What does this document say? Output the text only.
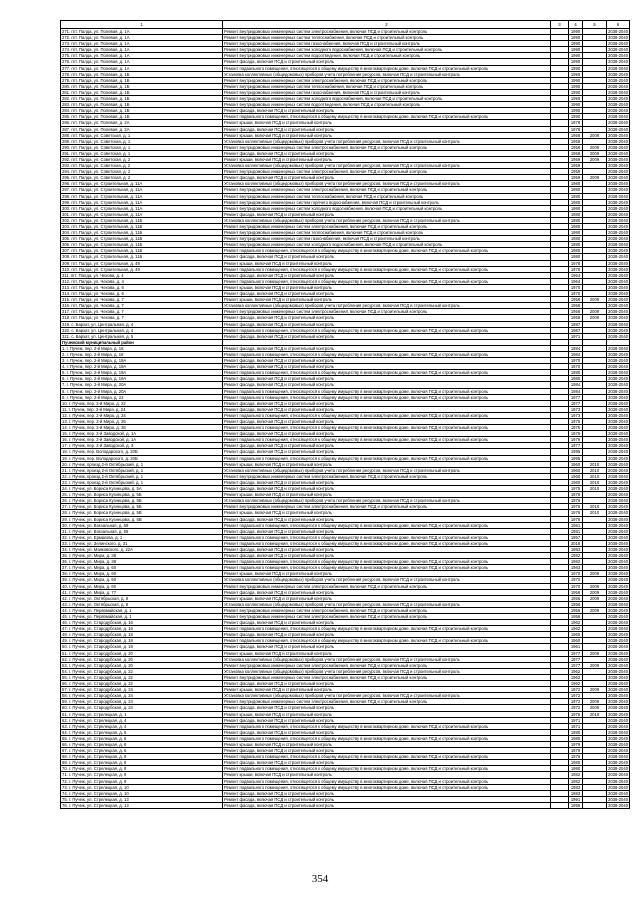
1	2	3	4	5	6
271. пгт. Палда, ул. Полевая, д. 1А	Ремонт внутридомовых инженерных систем электроснабжения, включая ПСД и строительный контроль		1990		2038-2040
272. пгт. Палда, ул. Полевая, д. 1А	Ремонт внутридомовых инженерных систем теплоснабжения, включая ПСД и строительный контроль		1990		2038-2040
273. пгт. Палда, ул. Полевая, д. 1А	Ремонт внутридомовых инженерных систем газоснабжения, включая ПСД и строительный контроль		1990		2038-2040
274. пгт. Палда, ул. Полевая, д. 1А	Ремонт внутридомовых инженерных систем холодного водоснабжения, включая ПСД и строительный контроль		1990		2038-2040
275. пгт. Палда, ул. Полевая, д. 1А	Ремонт внутридомовых инженерных систем водоотведения, включая ПСД и строительный контроль		1990		2038-2040
276. пгт. Палда, ул. Полевая, д. 1А	Ремонт фасада, включая ПСД и строительный контроль		1990		2038-2040
277. пгт. Палда, ул. Полевая, д. 1А	Ремонт подвального помещения, относящегося к общему имуществу в многоквартирном доме, включая ПСД и строительный контроль		1990		2038-2040
278. пгт. Палда, ул. Полевая, д. 1Б	Установка коллективных (общедомовых) приборов учета потребления ресурсов, включая ПСД и строительный контроль		1990		2038-2040
279. пгт. Палда, ул. Полевая, д. 1Б	Ремонт внутридомовых инженерных систем электроснабжения, включая ПСД и строительный контроль		1990		2038-2040
280. пгт. Палда, ул. Полевая, д. 1Б	Ремонт внутридомовых инженерных систем теплоснабжения, включая ПСД и строительный контроль		1990		2038-2040
281. пгт. Палда, ул. Полевая, д. 1Б	Ремонт внутридомовых инженерных систем газоснабжения, включая ПСД и строительный контроль		1990		2038-2040
282. пгт. Палда, ул. Полевая, д. 1Б	Ремонт внутридомовых инженерных систем холодного водоснабжения, включая ПСД и строительный контроль		1990		2038-2040
283. пгт. Палда, ул. Полевая, д. 1Б	Ремонт внутридомовых инженерных систем водоотведения, включая ПСД и строительный контроль		1990		2038-2040
284. пгт. Палда, ул. Полевая, д. 1Б	Ремонт фасада, включая ПСД и строительный контроль		1990		2038-2040
285. пгт. Палда, ул. Полевая, д. 1Б	Ремонт подвального помещения, относящегося к общему имуществу в многоквартирном доме, включая ПСД и строительный контроль		1990		2038-2040
286. пгт. Палда, ул. Полевая, д. 2А	Ремонт крыши, включая ПСД и строительный контроль		1978		2038-2040
287. пгт. Палда, ул. Полевая, д. 2А	Ремонт фасада, включая ПСД и строительный контроль		1978		2038-2040
288. пгт. Палда, ул. Советская, д. 1	Ремонт крыши, включая ПСД и строительный контроль		1958	2009	2038-2040
289. пгт. Палда, ул. Советская, д. 1	Установка коллективных (общедомовых) приборов учета потребления ресурсов, включая ПСД и строительный контроль		1958		2038-2040
290. пгт. Палда, ул. Советская, д. 1	Ремонт внутридомовых инженерных систем электроснабжения, включая ПСД и строительный контроль		1958	2009	2038-2040
291. пгт. Палда, ул. Советская, д. 1	Ремонт фасада, включая ПСД и строительный контроль		1958	2009	2038-2040
292. пгт. Палда, ул. Советская, д. 2	Ремонт крыши, включая ПСД и строительный контроль		1959	2009	2038-2040
293. пгт. Палда, ул. Советская, д. 2	Установка коллективных (общедомовых) приборов учета потребления ресурсов, включая ПСД и строительный контроль		1959		2038-2040
294. пгт. Палда, ул. Советская, д. 2	Ремонт внутридомовых инженерных систем электроснабжения, включая ПСД и строительный контроль		1959		2038-2040
295. пгт. Палда, ул. Советская, д. 2	Ремонт фасада, включая ПСД и строительный контроль		1959	2009	2038-2040
296. пгт. Палда, ул. Строительная, д. 11А	Установка коллективных (общедомовых) приборов учета потребления ресурсов, включая ПСД и строительный контроль		1980		2038-2040
297. пгт. Палда, ул. Строительная, д. 11А	Ремонт внутридомовых инженерных систем электроснабжения, включая ПСД и строительный контроль		1980		2038-2040
298. пгт. Палда, ул. Строительная, д. 11А	Ремонт внутридомовых инженерных систем теплоснабжения, включая ПСД и строительный контроль		1980		2038-2040
299. пгт. Палда, ул. Строительная, д. 11А	Ремонт внутридомовых инженерных систем горячего водоснабжения, включая ПСД и строительный контроль		1980		2038-2040
300. пгт. Палда, ул. Строительная, д. 11А	Ремонт внутридомовых инженерных систем холодного водоснабжения, включая ПСД и строительный контроль		1980		2038-2040
301. пгт. Палда, ул. Строительная, д. 11А	Ремонт фасада, включая ПСД и строительный контроль		1980		2038-2040
302. пгт. Палда, ул. Строительная, д. 11Б	Установка коллективных (общедомовых) приборов учета потребления ресурсов, включая ПСД и строительный контроль		1980		2038-2040
303. пгт. Палда, ул. Строительная, д. 11Б	Ремонт внутридомовых инженерных систем электроснабжения, включая ПСД и строительный контроль		1980		2038-2040
304. пгт. Палда, ул. Строительная, д. 11Б	Ремонт внутридомовых инженерных систем теплоснабжения, включая ПСД и строительный контроль		1980		2038-2040
305. пгт. Палда, ул. Строительная, д. 11Б	Ремонт внутридомовых инженерных систем газоснабжения, включая ПСД и строительный контроль		1980		2038-2040
306. пгт. Палда, ул. Строительная, д. 11Б	Ремонт внутридомовых инженерных систем холодного водоснабжения, включая ПСД и строительный контроль		1980		2038-2040
307. пгт. Палда, ул. Строительная, д. 11Б	Ремонт подвального помещения, относящегося к общему имуществу в многоквартирном доме, включая ПСД и строительный контроль		1980		2038-2040
308. пгт. Палда, ул. Строительная, д. 11Б	Ремонт фасада, включая ПСД и строительный контроль		1980		2038-2040
309. пгт. Палда, ул. Строительная, д. 49	Ремонт крыши, включая ПСД и строительный контроль		1978		2038-2040
310. пгт. Палда, ул. Строительная, д. 49	Ремонт подвального помещения, относящегося к общему имуществу в многоквартирном доме, включая ПСД и строительный контроль		1978		2038-2040
311. пгт. Палда, ул. Чехова, д. 4	Ремонт фасада, включая ПСД и строительный контроль		1964		2038-2040
312. пгт. Палда, ул. Чехова, д. 4	Ремонт подвального помещения, относящегося к общему имуществу в многоквартирном доме, включая ПСД и строительный контроль		1964		2038-2040
313. пгт. Палда, ул. Чехова, д. 6	Ремонт крыши, включая ПСД и строительный контроль		1970		2038-2040
314. пгт. Палда, ул. Чехова, д. 6	Ремонт фасада, включая ПСД и строительный контроль		1970		2038-2040
315. пгт. Палда, ул. Чехова, д. 7	Ремонт крыши, включая ПСД и строительный контроль		1958	2009	2038-2040
316. пгт. Палда, ул. Чехова, д. 7	Установка коллективных (общедомовых) приборов учета потребления ресурсов, включая ПСД и строительный контроль		1958		2038-2040
317. пгт. Палда, ул. Чехова, д. 7	Ремонт внутридомовых инженерных систем электроснабжения, включая ПСД и строительный контроль		1958	2009	2038-2040
318. пгт. Палда, ул. Чехова, д. 7	Ремонт фасада, включая ПСД и строительный контроль		1958	2009	2038-2040
319. с. Бархат, ул. Центральная, д. 4	Ремонт фасада, включая ПСД и строительный контроль		1987		2038-2040
320. с. Бархат, ул. Центральная, д. 4	Ремонт подвального помещения, относящегося к общему имуществу в многоквартирном доме, включая ПСД и строительный контроль		1987		2038-2040
321. с. Бархат, ул. Центральная, д. 5	Ремонт фасада, включая ПСД и строительный контроль		1971		2038-2040
Пучежский муниципальный район					
1. г. Пучеж, пер. 2-й Мира, д. 18	Ремонт фасада, включая ПСД и строительный контроль		1984		2038-2040
2. г. Пучеж, пер. 2-й Мира, д. 18	Ремонт подвального помещения, относящегося к общему имуществу в многоквартирном доме, включая ПСД и строительный контроль		1984		2038-2040
3. г. Пучеж, пер. 2-й Мира, д. 19А	Ремонт фасада, включая ПСД и строительный контроль		1970		2038-2040
4. г. Пучеж, пер. 2-й Мира, д. 19А	Ремонт фасада, включая ПСД и строительный контроль		1970		2038-2040
5. г. Пучеж, пер. 2-й Мира, д. 19А	Ремонт подвального помещения, относящегося к общему имуществу в многоквартирном доме, включая ПСД и строительный контроль		1980		2038-2040
6. г. Пучеж, пер. 2-й Мира, д. 19А	Ремонт фасада, включая ПСД и строительный контроль		1980		2038-2040
7. г. Пучеж, пер. 2-й Мира, д. 20А	Ремонт фасада, включая ПСД и строительный контроль		1984		2038-2040
8. г. Пучеж, пер. 2-й Мира, д. 20А	Ремонт подвального помещения, относящегося к общему имуществу в многоквартирном доме, включая ПСД и строительный контроль		1984		2038-2040
9. г. Пучеж, пер. 2-й Мира, д. 22	Ремонт подвального помещения, относящегося к общему имуществу в многоквартирном доме, включая ПСД и строительный контроль		1977		2038-2040
10. г. Пучеж, пер. 2-й Мира, д. 22	Ремонт фасада, включая ПСД и строительный контроль		1977		2038-2040
11. г. Пучеж, пер. 2-й Мира, д. 24	Ремонт фасада, включая ПСД и строительный контроль		1973		2038-2040
12. г. Пучеж, пер. 2-й Мира, д. 24	Ремонт подвального помещения, относящегося к общему имуществу в многоквартирном доме, включая ПСД и строительный контроль		1973		2038-2040
13. г. Пучеж, пер. 2-й Мира, д. 26	Ремонт фасада, включая ПСД и строительный контроль		1975		2038-2040
14. г. Пучеж, пер. 2-й Мира, д. 26	Ремонт подвального помещения, относящегося к общему имуществу в многоквартирном доме, включая ПСД и строительный контроль		1975		2038-2040
15. г. Пучеж, пер. 2-й Заводской, д. 1А	Ремонт фасада, включая ПСД и строительный контроль		1976		2038-2040
16. г. Пучеж, пер. 2-й Заводской, д. 1А	Ремонт подвального помещения, относящегося к общему имуществу в многоквартирном доме, включая ПСД и строительный контроль		1976		2038-2040
17. г. Пучеж, пер. 2-й Заводской, д. 3	Ремонт фасада, включая ПСД и строительный контроль		1977		2038-2040
18. г. Пучеж, пер. Володарского, д. 20Б	Ремонт фасада, включая ПСД и строительный контроль		1995		2038-2040
19. г. Пучеж, пер. Володарского, д. 20Б	Ремонт подвального помещения, относящегося к общему имуществу в многоквартирном доме, включая ПСД и строительный контроль		1995		2038-2040
20. г. Пучеж, проезд 2-й Октябрьский, д. 1	Ремонт крыши, включая ПСД и строительный контроль		1960	2010	2038-2040
21. г. Пучеж, проезд 2-й Октябрьский, д. 1	Установка коллективных (общедомовых) приборов учета потребления ресурсов, включая ПСД и строительный контроль		1960	2010	2038-2040
22. г. Пучеж, проезд 2-й Октябрьский, д. 1	Ремонт внутридомовых инженерных систем электроснабжения, включая ПСД и строительный контроль		1960	2010	2038-2040
23. г. Пучеж, проезд 2-й Октябрьский, д. 1	Ремонт фасада, включая ПСД и строительный контроль		1960	2010	2038-2040
24. г. Пучеж, ул. Бориса Кузнецова, д. 5А	Ремонт фасада, включая ПСД и строительный контроль		1975	2010	2038-2040
25. г. Пучеж, ул. Бориса Кузнецова, д. 5Б	Ремонт крыши, включая ПСД и строительный контроль		1976		2038-2040
26. г. Пучеж, ул. Бориса Кузнецова, д. 5Б	Установка коллективных (общедомовых) приборов учета потребления ресурсов, включая ПСД и строительный контроль		1976		2038-2040
27. г. Пучеж, ул. Бориса Кузнецова, д. 5Б	Ремонт внутридомовых инженерных систем электроснабжения, включая ПСД и строительный контроль		1976	2010	2038-2040
28. г. Пучеж, ул. Бориса Кузнецова, д. 5В	Ремонт крыши, включая ПСД и строительный контроль		1976	2010	2038-2040
29. г. Пучеж, ул. Бориса Кузнецова, д. 5В	Ремонт фасада, включая ПСД и строительный контроль		1976		2038-2040
30. г. Пучеж, ул. Вокзальная, д. 69	Ремонт подвального помещения, относящегося к общему имуществу в многоквартирном доме, включая ПСД и строительный контроль		1981		2038-2040
31. г. Пучеж, ул. Вокзальная, д. 69	Ремонт фасада, включая ПСД и строительный контроль		1981		2038-2040
32. г. Пучеж, ул. Ермакова, д. 1	Ремонт подвального помещения, относящегося к общему имуществу в многоквартирном доме, включая ПСД и строительный контроль		1957		2038-2040
33. г. Пучеж, ул. Зелинского, д. 31	Ремонт подвального помещения, относящегося к общему имуществу в многоквартирном доме, включая ПСД и строительный контроль		2018		2038-2040
34. г. Пучеж, ул. Маяковского, д. 22А	Ремонт фасада, включая ПСД и строительный контроль		1983		2038-2040
35. г. Пучеж, ул. Мира, д. 38	Ремонт фасада, включая ПСД и строительный контроль		1982		2038-2040
36. г. Пучеж, ул. Мира, д. 38	Ремонт подвального помещения, относящегося к общему имуществу в многоквартирном доме, включая ПСД и строительный контроль		1982		2038-2040
37. г. Пучеж, ул. Мира, д. 60	Ремонт подвального помещения, относящегося к общему имуществу в многоквартирном доме, включая ПСД и строительный контроль		1983		2038-2040
38. г. Пучеж, ул. Мира, д. 60	Ремонт крыши, включая ПСД и строительный контроль		1970	2009	2038-2040
39. г. Пучеж, ул. Мира, д. 60	Установка коллективных (общедомовых) приборов учета потребления ресурсов, включая ПСД и строительный контроль		1970		2038-2040
40. г. Пучеж, ул. Мира, д. 60	Ремонт внутридомовых инженерных систем электроснабжения, включая ПСД и строительный контроль		1970	2009	2038-2040
41. г. Пучеж, ул. Мира, д. 77	Ремонт фасада, включая ПСД и строительный контроль		1956	2009	2038-2040
42. г. Пучеж, ул. Октябрьская, д. 8	Ремонт крыши, включая ПСД и строительный контроль		1956	2009	2038-2040
43. г. Пучеж, ул. Октябрьская, д. 8	Установка коллективных (общедомовых) приборов учета потребления ресурсов, включая ПСД и строительный контроль		1956		2038-2040
44. г. Пучеж, ул. Первомайская, д. 1	Ремонт внутридомовых инженерных систем электроснабжения, включая ПСД и строительный контроль		1956	2009	2038-2040
45. г. Пучеж, ул. Первомайская, д. 1	Ремонт внутридомовых инженерных систем электроснабжения, включая ПСД и строительный контроль		1956		2038-2040
46. г. Пучеж, ул. Стародубская, д. 16	Ремонт фасада, включая ПСД и строительный контроль		1962		2038-2040
47. г. Пучеж, ул. Стародубская, д. 16	Ремонт подвального помещения, относящегося к общему имуществу в многоквартирном доме, включая ПСД и строительный контроль		1962		2038-2040
48. г. Пучеж, ул. Стародубская, д. 18	Ремонт фасада, включая ПСД и строительный контроль		1960		2038-2040
49. г. Пучеж, ул. Стародубская, д. 18	Ремонт подвального помещения, относящегося к общему имуществу в многоквартирном доме, включая ПСД и строительный контроль		1960		2038-2040
50. г. Пучеж, ул. Стародубская, д. 19	Ремонт фасада, включая ПСД и строительный контроль		1961		2038-2040
51. г. Пучеж, ул. Стародубская, д. 20	Ремонт крыши, включая ПСД и строительный контроль		1977	2009	2038-2040
52. г. Пучеж, ул. Стародубская, д. 20	Установка коллективных (общедомовых) приборов учета потребления ресурсов, включая ПСД и строительный контроль		1977		2038-2040
53. г. Пучеж, ул. Стародубская, д. 20	Ремонт внутридомовых инженерных систем электроснабжения, включая ПСД и строительный контроль		1977	2009	2038-2040
54. г. Пучеж, ул. Стародубская, д. 22	Установка коллективных (общедомовых) приборов учета потребления ресурсов, включая ПСД и строительный контроль		1962		2038-2040
55. г. Пучеж, ул. Стародубская, д. 22	Ремонт внутридомовых инженерных систем электроснабжения, включая ПСД и строительный контроль		1962		2038-2040
56. г. Пучеж, ул. Стародубская, д. 22	Ремонт фасада, включая ПСД и строительный контроль		1962		2038-2040
57. г. Пучеж, ул. Стародубская, д. 24	Ремонт крыши, включая ПСД и строительный контроль		1972	2009	2038-2040
58. г. Пучеж, ул. Стародубская, д. 24	Установка коллективных (общедомовых) приборов учета потребления ресурсов, включая ПСД и строительный контроль		1972		2038-2040
59. г. Пучеж, ул. Стародубская, д. 24	Ремонт внутридомовых инженерных систем электроснабжения, включая ПСД и строительный контроль		1972	2009	2038-2040
60. г. Пучеж, ул. Стародубская, д. 24	Ремонт фасада, включая ПСД и строительный контроль		1972	2009	2038-2040
61. г. Пучеж, ул. Стрелецкая, д. 1	Ремонт крыши, включая ПСД и строительный контроль		1976	2010	2038-2040
62. г. Пучеж, ул. Стрелецкая, д. 4	Ремонт фасада, включая ПСД и строительный контроль		1971		2038-2040
63. г. Пучеж, ул. Стрелецкая, д. 4	Ремонт подвального помещения, относящегося к общему имуществу в многоквартирном доме, включая ПСД и строительный контроль		1971		2038-2040
64. г. Пучеж, ул. Стрелецкая, д. 6	Ремонт фасада, включая ПСД и строительный контроль		1980		2038-2040
65. г. Пучеж, ул. Стрелецкая, д. 6	Ремонт подвального помещения, относящегося к общему имуществу в многоквартирном доме, включая ПСД и строительный контроль		1980		2038-2040
66. г. Пучеж, ул. Стрелецкая, д. 6	Ремонт крыши, включая ПСД и строительный контроль		1979		2038-2040
67. г. Пучеж, ул. Стрелецкая, д. 6	Ремонт фасада, включая ПСД и строительный контроль		1979		2038-2040
68. г. Пучеж, ул. Стрелецкая, д. 8	Ремонт подвального помещения, относящегося к общему имуществу в многоквартирном доме, включая ПСД и строительный контроль		1979		2038-2040
69. г. Пучеж, ул. Стрелецкая, д. 8	Ремонт фасада, включая ПСД и строительный контроль		1980		2038-2040
70. г. Пучеж, ул. Стрелецкая, д. 8	Ремонт подвального помещения, относящегося к общему имуществу в многоквартирном доме, включая ПСД и строительный контроль		1980		2038-2040
71. г. Пучеж, ул. Стрелецкая, д. 9	Ремонт крыши, включая ПСД и строительный контроль		1982		2038-2040
72. г. Пучеж, ул. Стрелецкая, д. 9	Ремонт подвального помещения, относящегося к общему имуществу в многоквартирном доме, включая ПСД и строительный контроль		1982		2038-2040
73. г. Пучеж, ул. Стрелецкая, д. 10	Ремонт подвального помещения, относящегося к общему имуществу в многоквартирном доме, включая ПСД и строительный контроль		1983		2038-2040
74. г. Пучеж, ул. Стрелецкая, д. 10	Ремонт фасада, включая ПСД и строительный контроль		1983		2038-2040
75. г. Пучеж, ул. Стрелецкая, д. 13	Ремонт фасада, включая ПСД и строительный контроль		1991		2038-2040
76. г. Пучеж, ул. Стрелецкая, д. 13	Ремонт фасада, включая ПСД и строительный контроль		1996		2038-2040
354
